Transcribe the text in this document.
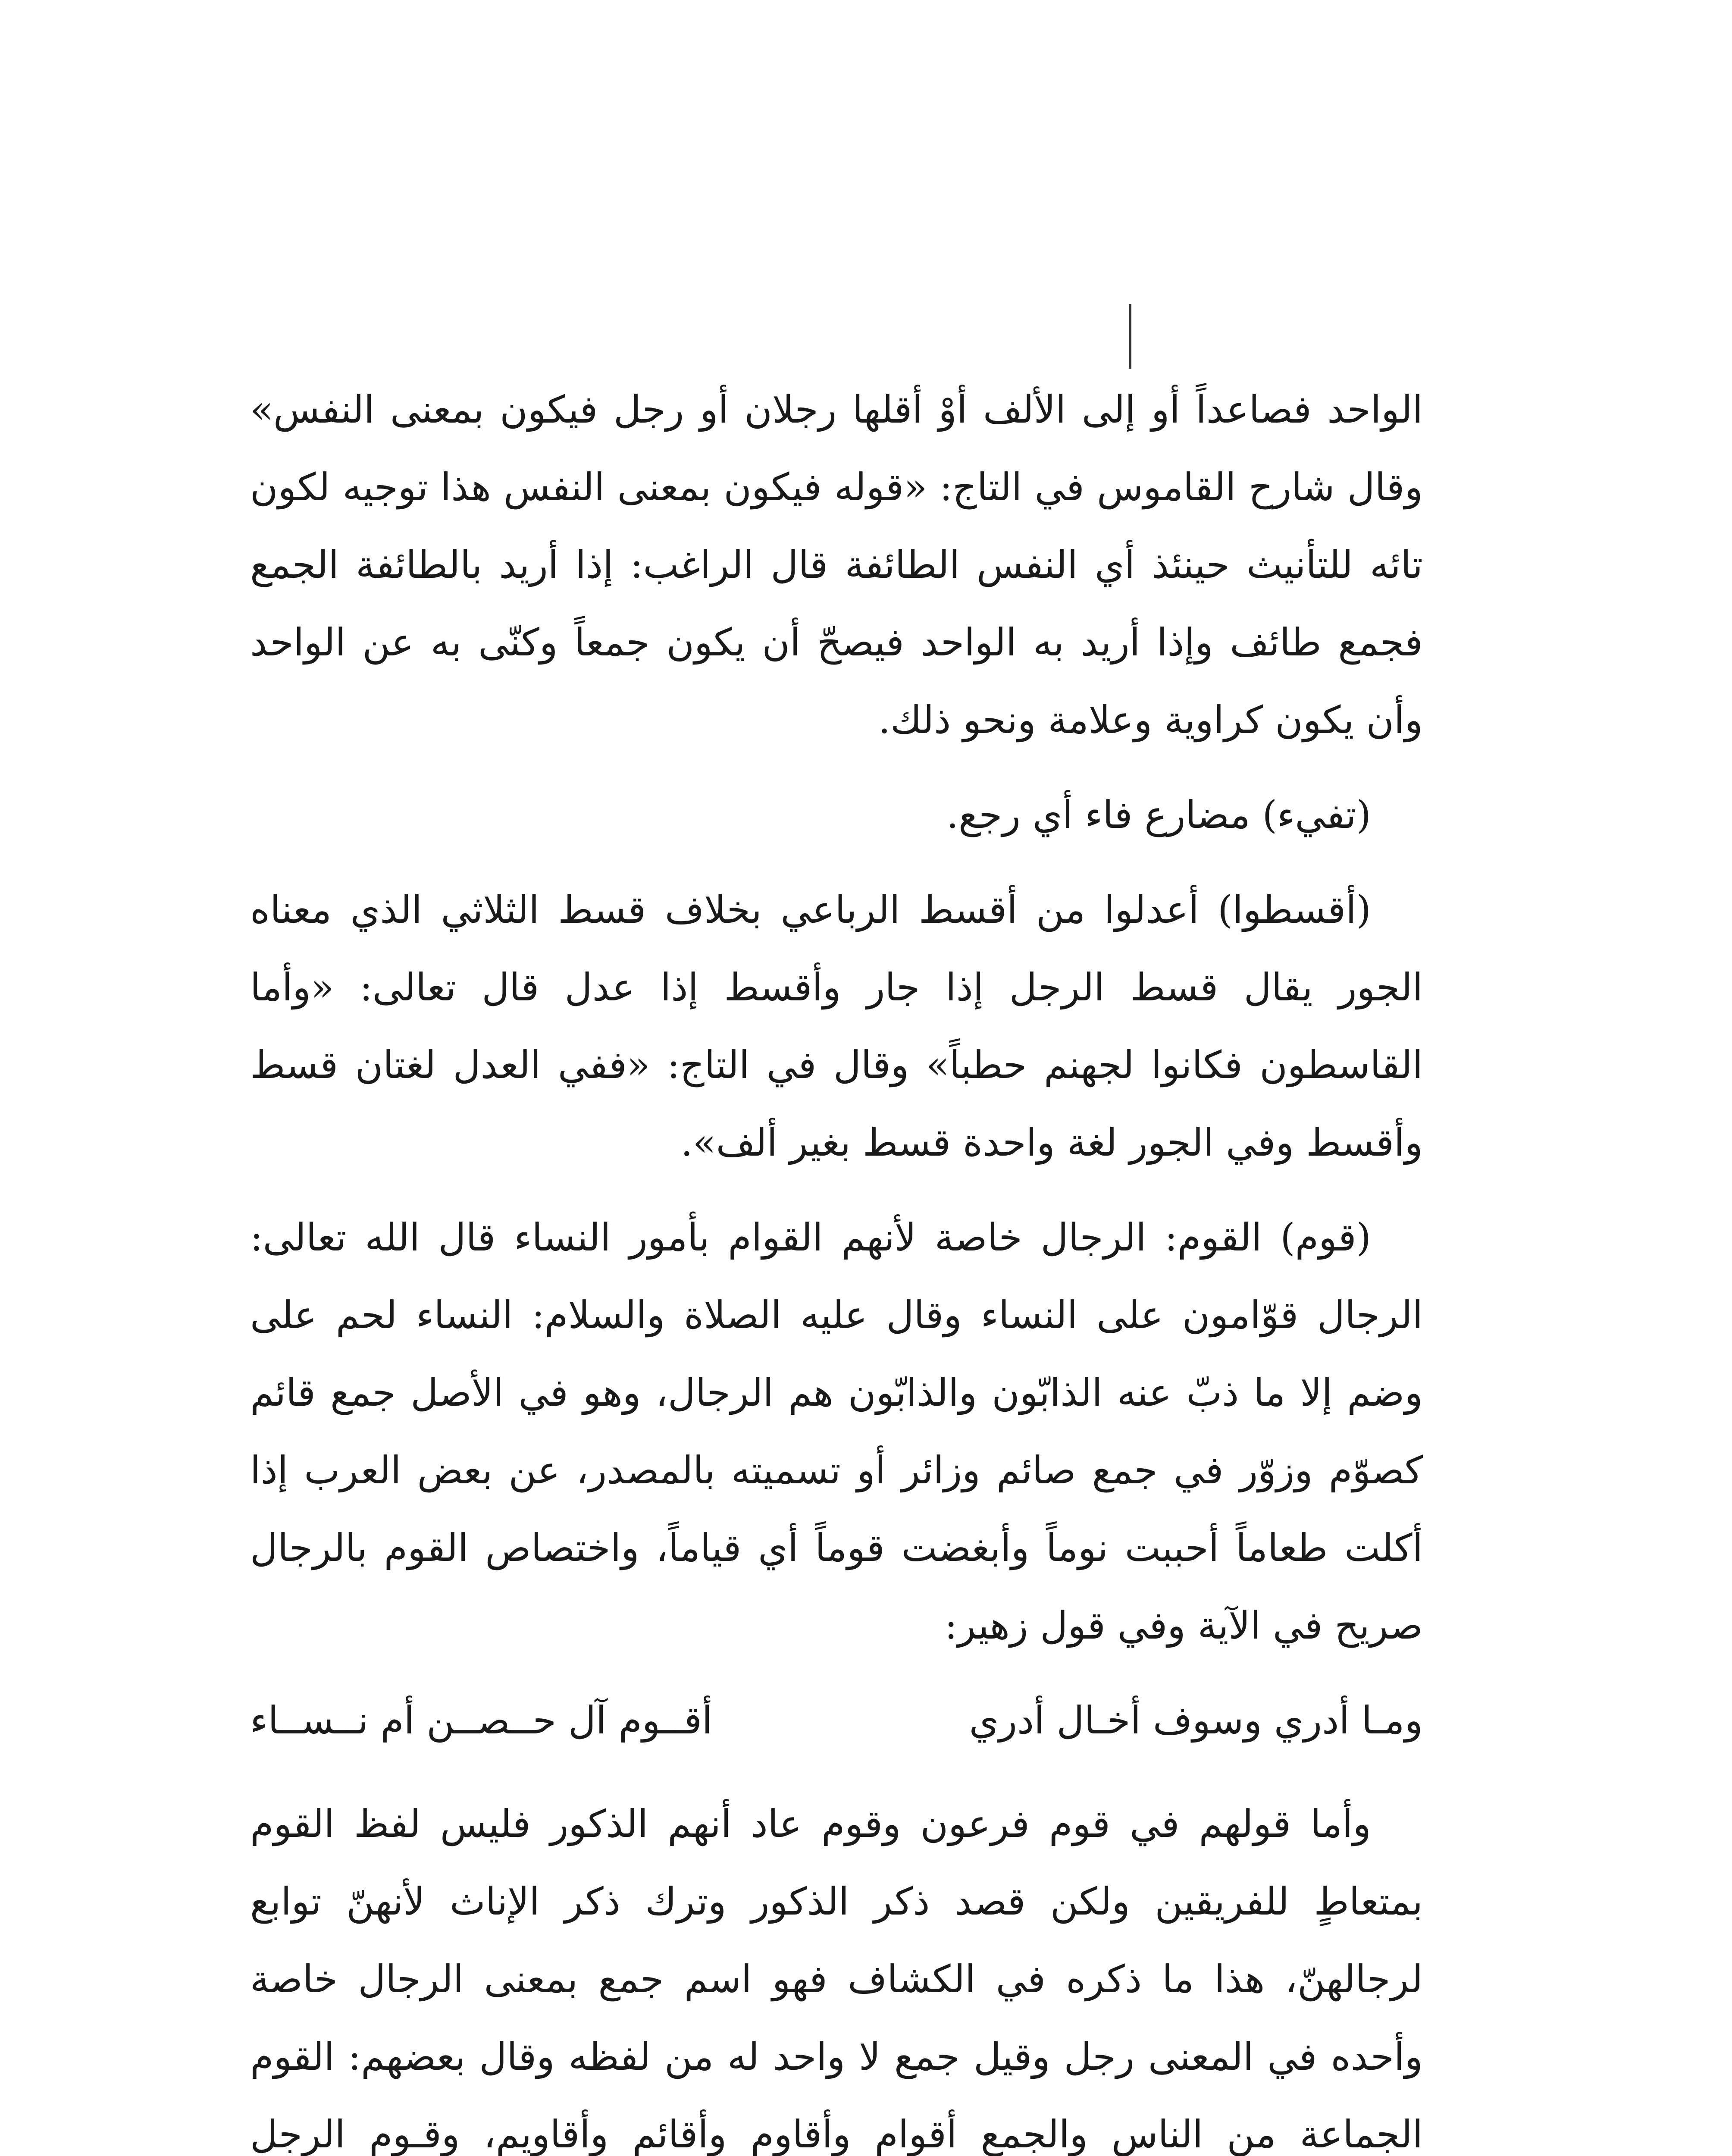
الواحد فصاعداً أو إلى الألف أوْ أقلها رجلان أو رجل فيكون بمعنى النفس» وقال شارح القاموس في التاج: «قوله فيكون بمعنى النفس هذا توجيه لكون تائه للتأنيث حينئذ أي النفس الطائفة قال الراغب: إذا أريد بالطائفة الجمع فجمع طائف وإذا أريد به الواحد فيصحّ أن يكون جمعاً وكنّى به عن الواحد وأن يكون كراوية وعلامة ونحو ذلك.

(تفيء) مضارع فاء أي رجع.

(أقسطوا) أعدلوا من أقسط الرباعي بخلاف قسط الثلاثي الذي معناه الجور يقال قسط الرجل إذا جار وأقسط إذا عدل قال تعالى: «وأما القاسطون فكانوا لجهنم حطباً» وقال في التاج: «ففي العدل لغتان قسط وأقسط وفي الجور لغة واحدة قسط بغير ألف».

(قوم) القوم: الرجال خاصة لأنهم القوام بأمور النساء قال الله تعالى: الرجال قوّامون على النساء وقال عليه الصلاة والسلام: النساء لحم على وضم إلا ما ذبّ عنه الذابّون والذابّون هم الرجال، وهو في الأصل جمع قائم كصوّم وزوّر في جمع صائم وزائر أو تسميته بالمصدر، عن بعض العرب إذا أكلت طعاماً أحببت نوماً وأبغضت قوماً أي قياماً، واختصاص القوم بالرجال صريح في الآية وفي قول زهير:

ومـا أدري وسوف أخـال أدري
أقــوم آل حــصــن أم نــســاء

وأما قولهم في قوم فرعون وقوم عاد أنهم الذكور فليس لفظ القوم بمتعاطٍ للفريقين ولكن قصد ذكر الذكور وترك ذكر الإناث لأنهنّ توابع لرجالهنّ، هذا ما ذكره في الكشاف فهو اسم جمع بمعنى الرجال خاصة وأحده في المعنى رجل وقيل جمع لا واحد له من لفظه وقال بعضهم: القوم الجماعة من الناس والجمع أقوام وأقاوم وأقائم وأقاويم، وقـوم الرجل
